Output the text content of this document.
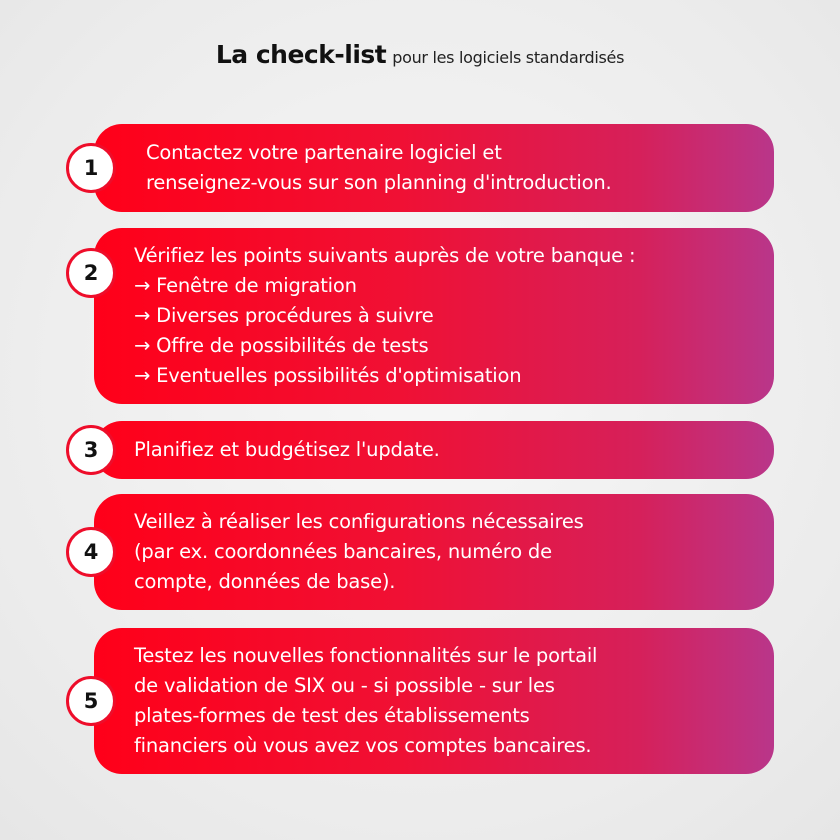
La check-list pour les logiciels standardisés
Contactez votre partenaire logiciel et
renseignez-vous sur son planning d'introduction.
1
Vérifiez les points suivants auprès de votre banque :
→ Fenêtre de migration
→ Diverses procédures à suivre
→ Offre de possibilités de tests
→ Eventuelles possibilités d'optimisation
2
Planifiez et budgétisez l'update.
3
Veillez à réaliser les configurations nécessaires
(par ex. coordonnées bancaires, numéro de
compte, données de base).
4
Testez les nouvelles fonctionnalités sur le portail
de validation de SIX ou - si possible - sur les
plates-formes de test des établissements
financiers où vous avez vos comptes bancaires.
5
